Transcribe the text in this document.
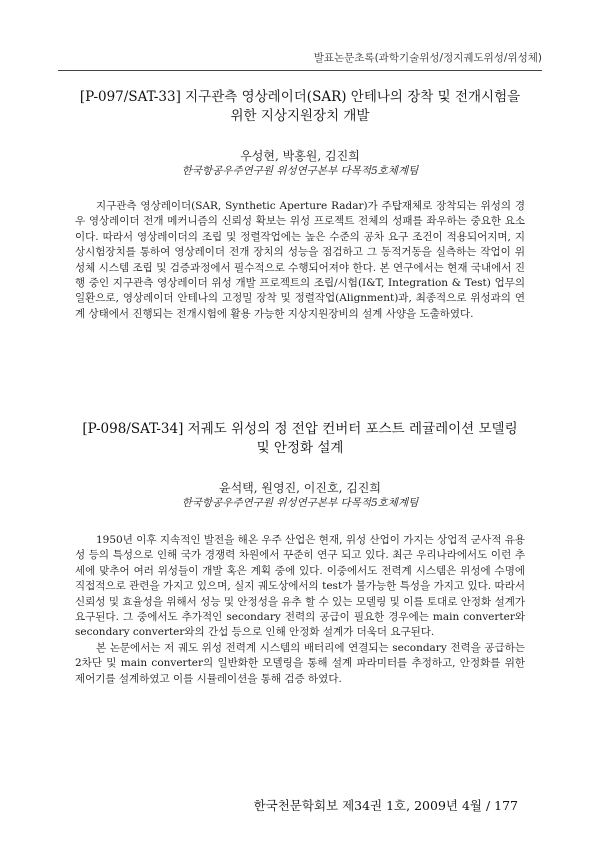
발표논문초록(과학기술위성/정지궤도위성/위성체)
[P-097/SAT-33] 지구관측 영상레이더(SAR) 안테나의 장착 및 전개시험을 위한 지상지원장치 개발
우성현, 박홍원, 김진희
한국항공우주연구원 위성연구본부 다목적5호체계팀

지구관측 영상레이더(SAR, Synthetic Aperture Radar)가 주탑재체로 장착되는 위성의 경우 영상레이더 전개 메커니즘의 신뢰성 확보는 위성 프로젝트 전체의 성패를 좌우하는 중요한 요소이다. 따라서 영상레이더의 조립 및 정렬작업에는 높은 수준의 공차 요구 조건이 적용되어지며, 지상시험장치를 통하여 영상레이더 전개 장치의 성능을 점검하고 그 동적거동을 실측하는 작업이 위성체 시스템 조립 및 검증과정에서 필수적으로 수행되어져야 한다. 본 연구에서는 현재 국내에서 진행 중인 지구관측 영상레이더 위성 개발 프로젝트의 조립/시험(I&T, Integration & Test) 업무의 일환으로, 영상레이더 안테나의 고정밀 장착 및 정렬작업(Alignment)과, 최종적으로 위성과의 연계 상태에서 진행되는 전개시험에 활용 가능한 지상지원장비의 설계 사양을 도출하였다.

[P-098/SAT-34] 저궤도 위성의 정 전압 컨버터 포스트 레귤레이션 모델링 및 안정화 설계
윤석택, 원영진, 이진호, 김진희
한국항공우주연구원 위성연구본부 다목적5호체계팀

1950년 이후 지속적인 발전을 해온 우주 산업은 현재, 위성 산업이 가지는 상업적 군사적 유용성 등의 특성으로 인해 국가 경쟁력 차원에서 꾸준히 연구 되고 있다. 최근 우리나라에서도 이런 추세에 맞추어 여러 위성들이 개발 혹은 계획 중에 있다. 이중에서도 전력계 시스템은 위성에 수명에 직접적으로 관련을 가지고 있으며, 실지 궤도상에서의 test가 불가능한 특성을 가지고 있다. 따라서 신뢰성 및 효율성을 위해서 성능 및 안정성을 유추 할 수 있는 모델링 및 이를 토대로 안정화 설계가 요구된다. 그 중에서도 추가적인 secondary 전력의 공급이 필요한 경우에는 main converter와 secondary converter와의 간섭 등으로 인해 안정화 설계가 더욱더 요구된다.

본 논문에서는 저 궤도 위성 전력계 시스템의 배터리에 연결되는 secondary 전력을 공급하는 2차단 및 main converter의 일반화한 모델링을 통해 설계 파라미터를 추정하고, 안정화를 위한 제어기를 설계하였고 이를 시뮬레이션을 통해 검증 하였다.

한국천문학회보 제34권 1호, 2009년 4월 / 177
